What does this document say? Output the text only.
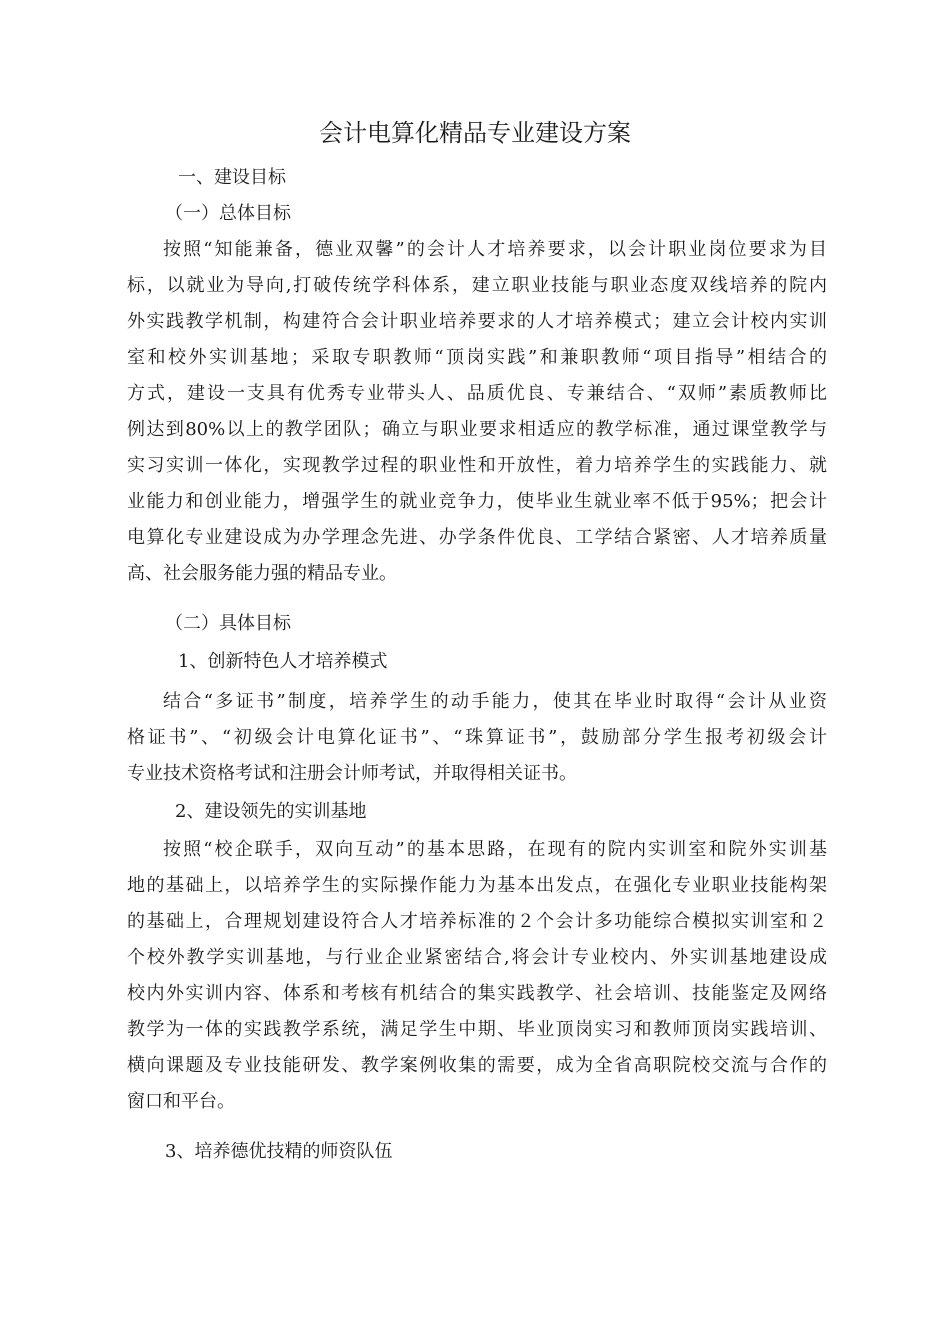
会计电算化精品专业建设方案
一、建设目标
（一）总体目标
按照“知能兼备，德业双馨”的会计人才培养要求，以会计职业岗位要求为目
标，以就业为导向,打破传统学科体系，建立职业技能与职业态度双线培养的院内
外实践教学机制，构建符合会计职业培养要求的人才培养模式；建立会计校内实训
室和校外实训基地；采取专职教师“顶岗实践”和兼职教师“项目指导”相结合的
方式，建设一支具有优秀专业带头人、品质优良、专兼结合、“双师”素质教师比
例达到80%以上的教学团队；确立与职业要求相适应的教学标准，通过课堂教学与
实习实训一体化，实现教学过程的职业性和开放性，着力培养学生的实践能力、就
业能力和创业能力，增强学生的就业竞争力，使毕业生就业率不低于95%；把会计
电算化专业建设成为办学理念先进、办学条件优良、工学结合紧密、人才培养质量
高、社会服务能力强的精品专业。
（二）具体目标
1、创新特色人才培养模式
结合“多证书”制度，培养学生的动手能力，使其在毕业时取得“会计从业资
格证书”、“初级会计电算化证书”、“珠算证书”，鼓励部分学生报考初级会计
专业技术资格考试和注册会计师考试，并取得相关证书。
2、建设领先的实训基地
按照“校企联手，双向互动”的基本思路，在现有的院内实训室和院外实训基
地的基础上，以培养学生的实际操作能力为基本出发点，在强化专业职业技能构架
的基础上，合理规划建设符合人才培养标准的２个会计多功能综合模拟实训室和２
个校外教学实训基地，与行业企业紧密结合,将会计专业校内、外实训基地建设成
校内外实训内容、体系和考核有机结合的集实践教学、社会培训、技能鉴定及网络
教学为一体的实践教学系统，满足学生中期、毕业顶岗实习和教师顶岗实践培训、
横向课题及专业技能研发、教学案例收集的需要，成为全省高职院校交流与合作的
窗口和平台。
3、培养德优技精的师资队伍
